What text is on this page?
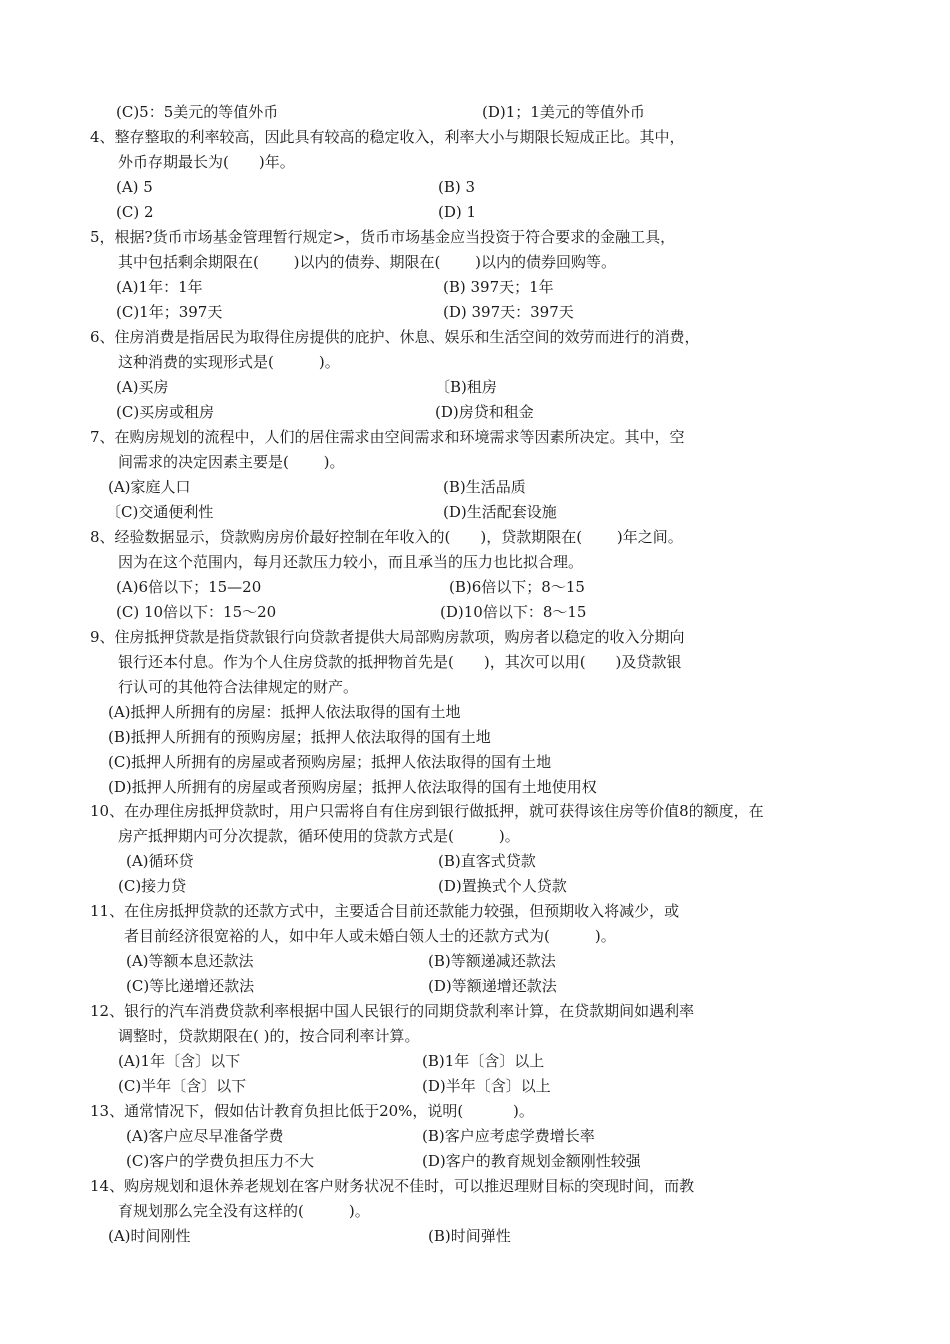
(C)5：5美元的等值外币	(D)1；1美元的等值外币
4、整存整取的利率较高，因此具有较高的稳定收入，利率大小与期限长短成正比。其中，
外币存期最长为(　　)年。
(A) 5	(B) 3
(C) 2	(D) 1
5，根据?货币市场基金管理暂行规定>，货币市场基金应当投资于符合要求的金融工具，
其中包括剩余期限在(　　 )以内的债券、期限在(　　 )以内的债券回购等。
(A)1年：1年	(B) 397天；1年
(C)1年；397天	(D) 397天：397天
6、住房消费是指居民为取得住房提供的庇护、休息、娱乐和生活空间的效劳而进行的消费，
这种消费的实现形式是(　　　)。
(A)买房	〔B)租房
(C)买房或租房	(D)房贷和租金
7、在购房规划的流程中，人们的居住需求由空间需求和环境需求等因素所决定。其中，空
间需求的决定因素主要是(　　 )。
(A)家庭人口	(B)生活品质
〔C)交通便利性	(D)生活配套设施
8、经验数据显示，贷款购房房价最好控制在年收入的(　　)，贷款期限在(　　 )年之间。
因为在这个范围内，每月还款压力较小，而且承当的压力也比拟合理。
(A)6倍以下；15—20	(B)6倍以下；8～15
(C) 10倍以下：15～20	(D)10倍以下：8～15
9、住房抵押贷款是指贷款银行向贷款者提供大局部购房款项，购房者以稳定的收入分期向
银行还本付息。作为个人住房贷款的抵押物首先是(　　)，其次可以用(　　)及贷款银
行认可的其他符合法律规定的财产。
(A)抵押人所拥有的房屋：抵押人依法取得的国有土地
(B)抵押人所拥有的预购房屋；抵押人依法取得的国有土地
(C)抵押人所拥有的房屋或者预购房屋；抵押人依法取得的国有土地
(D)抵押人所拥有的房屋或者预购房屋；抵押人依法取得的国有土地使用权
10、在办理住房抵押贷款时，用户只需将自有住房到银行做抵押，就可获得该住房等价值8的额度，在
房产抵押期内可分次提款，循环使用的贷款方式是(　　　)。
(A)循环贷	(B)直客式贷款
(C)接力贷	(D)置换式个人贷款
11、在住房抵押贷款的还款方式中，主要适合目前还款能力较强，但预期收入将减少，或
者目前经济很宽裕的人，如中年人或未婚白领人士的还款方式为(　　　)。
(A)等额本息还款法	(B)等额递减还款法
(C)等比递增还款法	(D)等额递增还款法
12、银行的汽车消费贷款利率根据中国人民银行的同期贷款利率计算，在贷款期间如遇利率
调整时，贷款期限在( )的，按合同利率计算。
(A)1年〔含〕以下	(B)1年〔含〕以上
(C)半年〔含〕以下	(D)半年〔含〕以上
13、通常情况下，假如估计教育负担比低于20%，说明(　　　 )。
(A)客户应尽早准备学费	(B)客户应考虑学费增长率
(C)客户的学费负担压力不大	(D)客户的教育规划金额刚性较强
14、购房规划和退休养老规划在客户财务状况不佳时，可以推迟理财目标的突现时间，而教
育规划那么完全没有这样的(　　　)。
(A)时间刚性	(B)时间弹性
